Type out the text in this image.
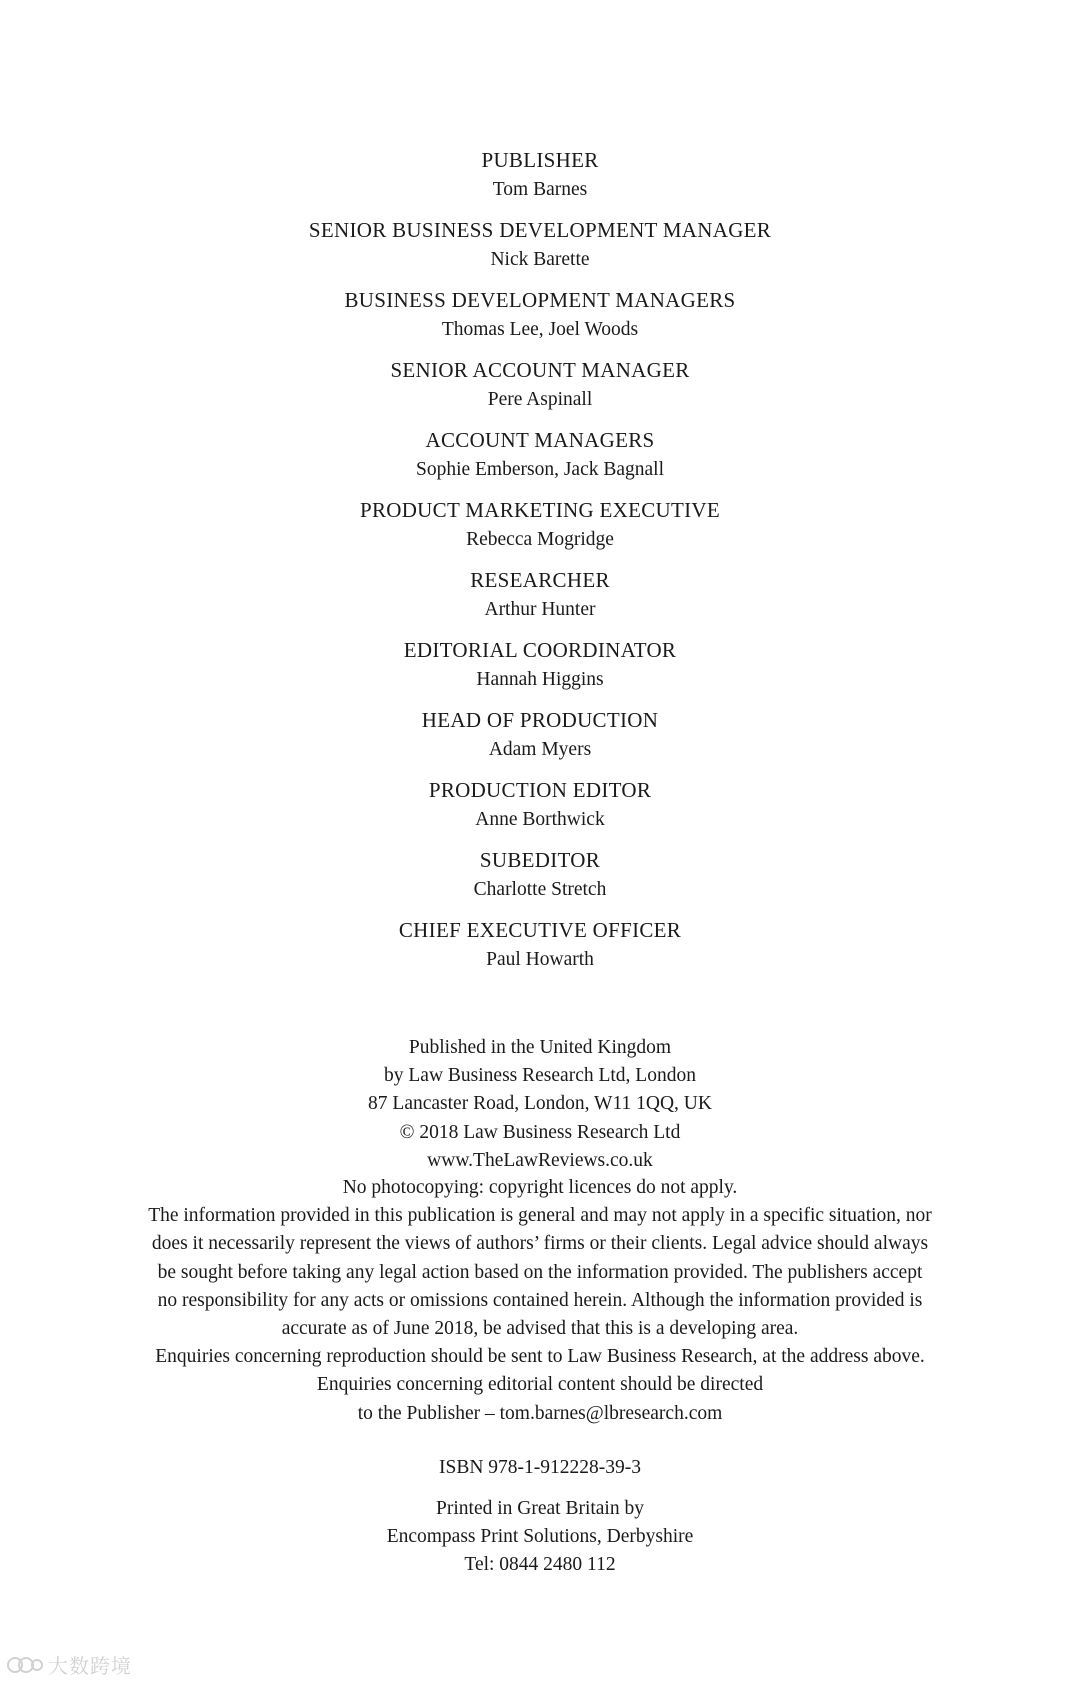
PUBLISHER
Tom Barnes
SENIOR BUSINESS DEVELOPMENT MANAGER
Nick Barette
BUSINESS DEVELOPMENT MANAGERS
Thomas Lee, Joel Woods
SENIOR ACCOUNT MANAGER
Pere Aspinall
ACCOUNT MANAGERS
Sophie Emberson, Jack Bagnall
PRODUCT MARKETING EXECUTIVE
Rebecca Mogridge
RESEARCHER
Arthur Hunter
EDITORIAL COORDINATOR
Hannah Higgins
HEAD OF PRODUCTION
Adam Myers
PRODUCTION EDITOR
Anne Borthwick
SUBEDITOR
Charlotte Stretch
CHIEF EXECUTIVE OFFICER
Paul Howarth
Published in the United Kingdom
by Law Business Research Ltd, London
87 Lancaster Road, London, W11 1QQ, UK
© 2018 Law Business Research Ltd
www.TheLawReviews.co.uk
No photocopying: copyright licences do not apply.
The information provided in this publication is general and may not apply in a specific situation, nor
does it necessarily represent the views of authors’ firms or their clients. Legal advice should always
be sought before taking any legal action based on the information provided. The publishers accept
no responsibility for any acts or omissions contained herein. Although the information provided is
accurate as of June 2018, be advised that this is a developing area.
Enquiries concerning reproduction should be sent to Law Business Research, at the address above.
Enquiries concerning editorial content should be directed
to the Publisher – tom.barnes@lbresearch.com
ISBN 978-1-912228-39-3
Printed in Great Britain by
Encompass Print Solutions, Derbyshire
Tel: 0844 2480 112
大数跨境
